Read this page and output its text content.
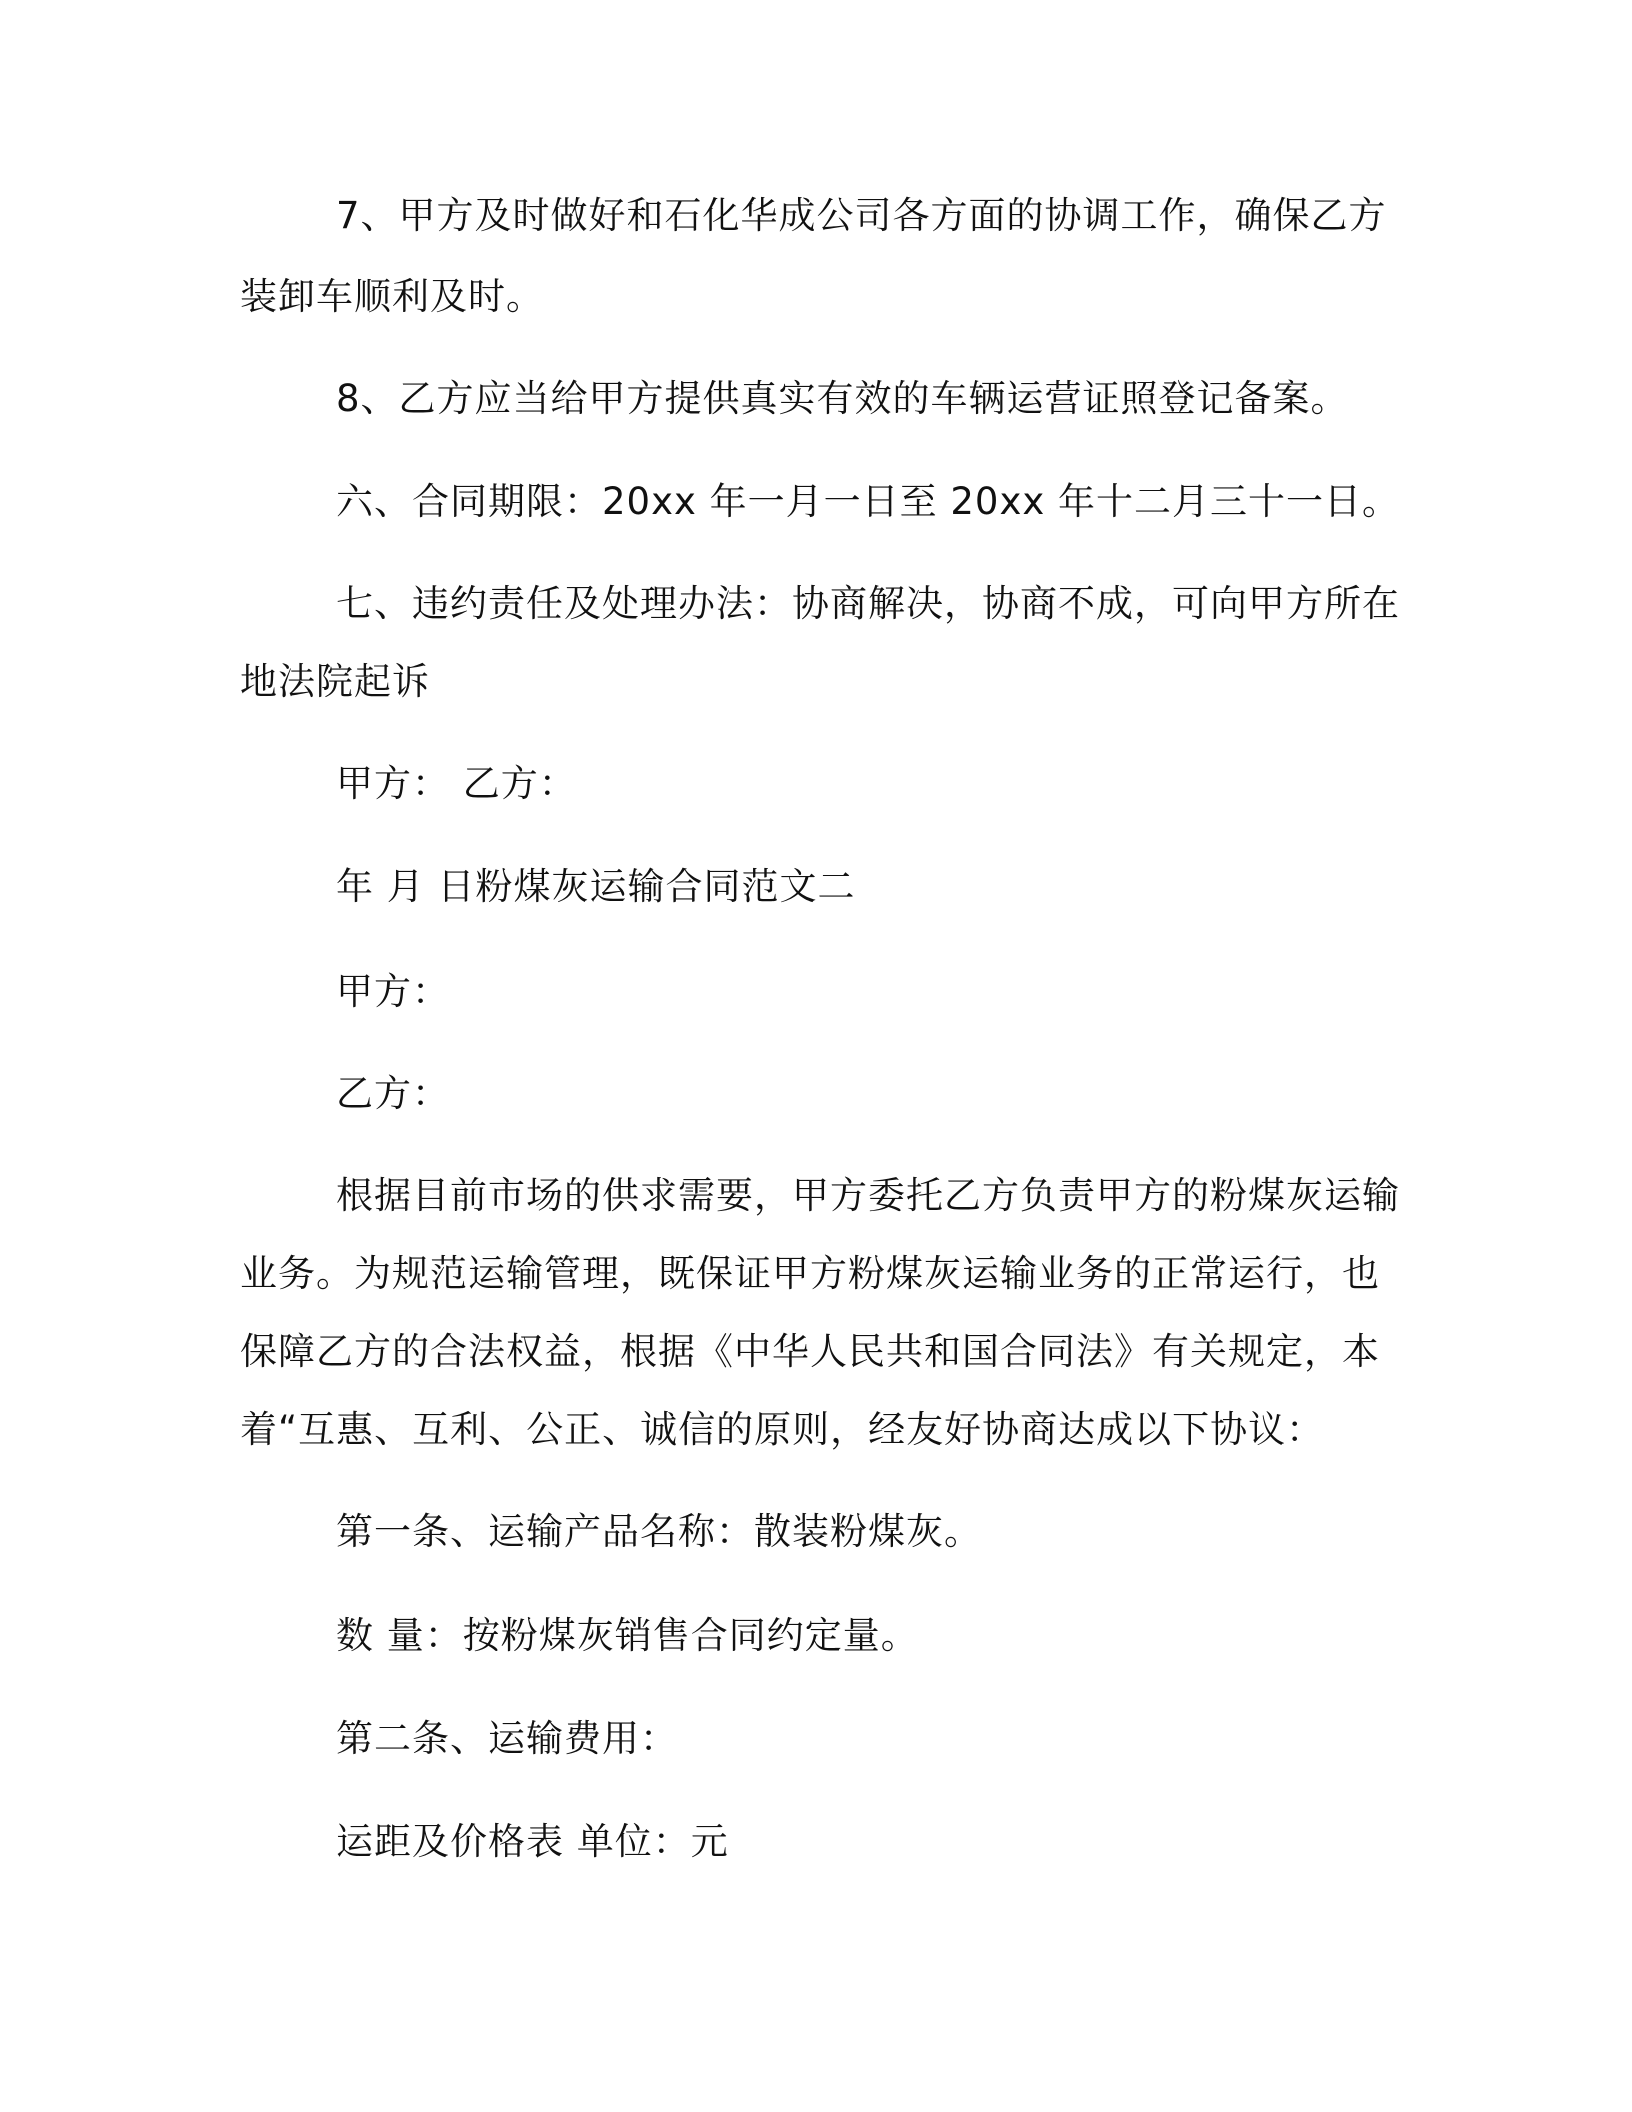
7、甲方及时做好和石化华成公司各方面的协调工作，确保乙方

装卸车顺利及时。

8、乙方应当给甲方提供真实有效的车辆运营证照登记备案。

六、合同期限：20xx 年一月一日至 20xx 年十二月三十一日。

七、违约责任及处理办法：协商解决，协商不成，可向甲方所在

地法院起诉

甲方： 乙方：

年 月 日粉煤灰运输合同范文二

甲方：

乙方：

根据目前市场的供求需要，甲方委托乙方负责甲方的粉煤灰运输

业务。为规范运输管理，既保证甲方粉煤灰运输业务的正常运行，也

保障乙方的合法权益，根据《中华人民共和国合同法》有关规定，本

着“互惠、互利、公正、诚信的原则，经友好协商达成以下协议：

第一条、运输产品名称：散装粉煤灰。

数 量：按粉煤灰销售合同约定量。

第二条、运输费用：

运距及价格表 单位：元
